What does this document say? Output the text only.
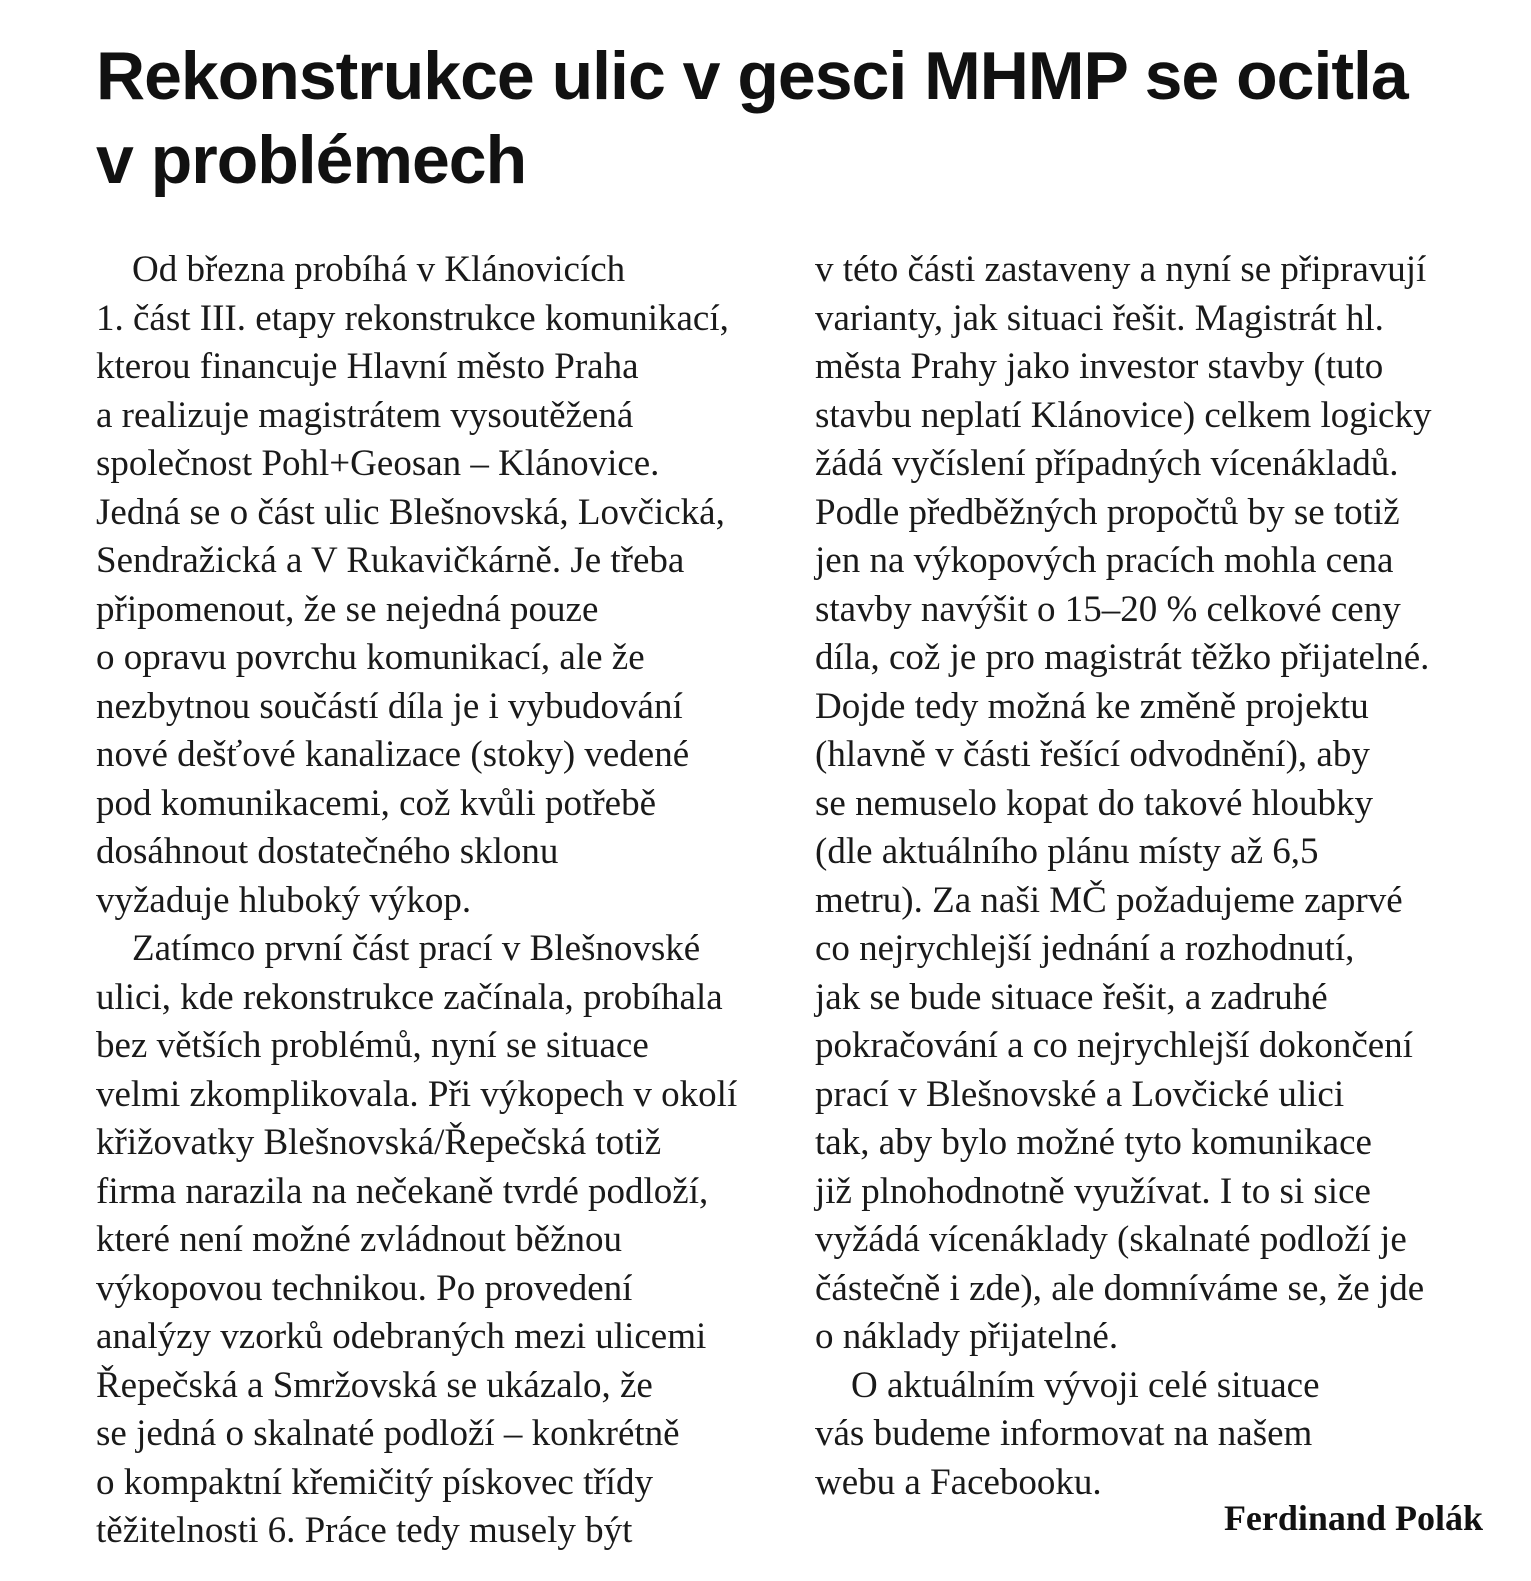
Rekonstrukce ulic v gesci MHMP se ocitla
v problémech
Od března probíhá v Klánovicích
1. část III. etapy rekonstrukce komunikací,
kterou financuje Hlavní město Praha
a realizuje magistrátem vysoutěžená
společnost Pohl+Geosan – Klánovice.
Jedná se o část ulic Blešnovská, Lovčická,
Sendražická a V Rukavičkárně. Je třeba
připomenout, že se nejedná pouze
o opravu povrchu komunikací, ale že
nezbytnou součástí díla je i vybudování
nové dešťové kanalizace (stoky) vedené
pod komunikacemi, což kvůli potřebě
dosáhnout dostatečného sklonu
vyžaduje hluboký výkop.
Zatímco první část prací v Blešnovské
ulici, kde rekonstrukce začínala, probíhala
bez větších problémů, nyní se situace
velmi zkomplikovala. Při výkopech v okolí
křižovatky Blešnovská/Řepečská totiž
firma narazila na nečekaně tvrdé podloží,
které není možné zvládnout běžnou
výkopovou technikou. Po provedení
analýzy vzorků odebraných mezi ulicemi
Řepečská a Smržovská se ukázalo, že
se jedná o skalnaté podloží – konkrétně
o kompaktní křemičitý pískovec třídy
těžitelnosti 6. Práce tedy musely být
v této části zastaveny a nyní se připravují
varianty, jak situaci řešit. Magistrát hl.
města Prahy jako investor stavby (tuto
stavbu neplatí Klánovice) celkem logicky
žádá vyčíslení případných vícenákladů.
Podle předběžných propočtů by se totiž
jen na výkopových pracích mohla cena
stavby navýšit o 15–20 % celkové ceny
díla, což je pro magistrát těžko přijatelné.
Dojde tedy možná ke změně projektu
(hlavně v části řešící odvodnění), aby
se nemuselo kopat do takové hloubky
(dle aktuálního plánu místy až 6,5
metru). Za naši MČ požadujeme zaprvé
co nejrychlejší jednání a rozhodnutí,
jak se bude situace řešit, a zadruhé
pokračování a co nejrychlejší dokončení
prací v Blešnovské a Lovčické ulici
tak, aby bylo možné tyto komunikace
již plnohodnotně využívat. I to si sice
vyžádá vícenáklady (skalnaté podloží je
částečně i zde), ale domníváme se, že jde
o náklady přijatelné.
O aktuálním vývoji celé situace
vás budeme informovat na našem
webu a Facebooku.
Ferdinand Polák
